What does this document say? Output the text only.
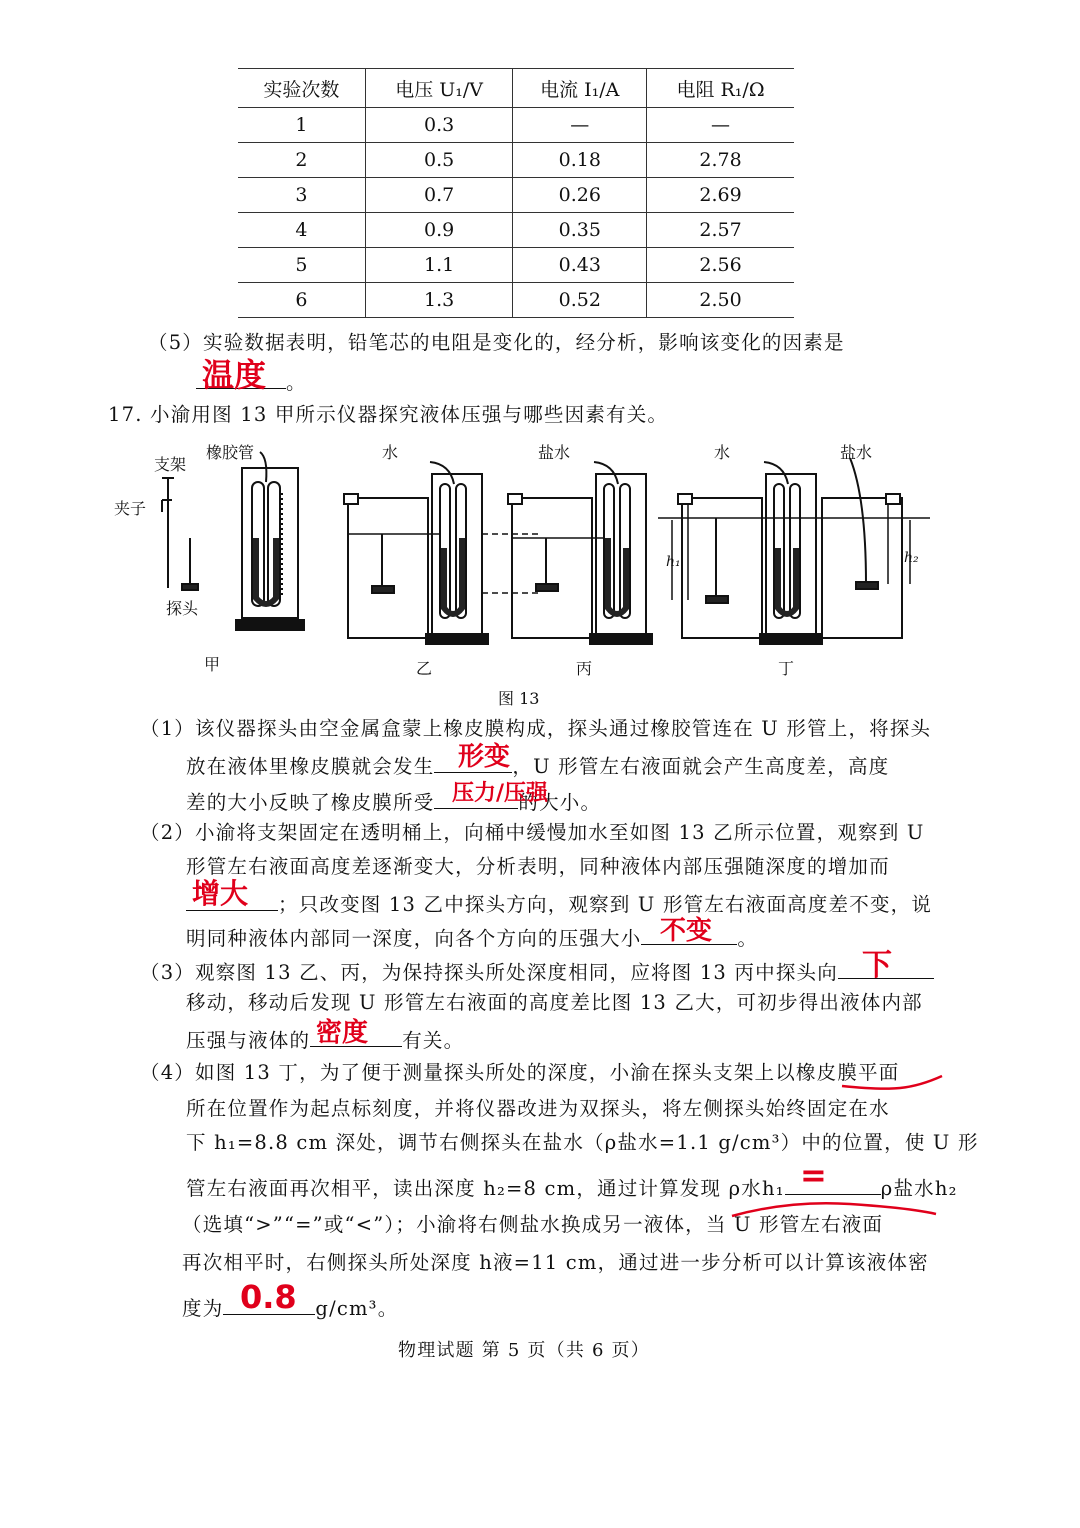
实验次数	电压 U₁/V	电流 I₁/A	电阻 R₁/Ω
1	0.3	—	—
2	0.5	0.18	2.78
3	0.7	0.26	2.69
4	0.9	0.35	2.57
5	1.1	0.43	2.56
6	1.3	0.52	2.50
（5）实验数据表明，铅笔芯的电阻是变化的，经分析，影响该变化的因素是
。
温度
17. 小渝用图 13 甲所示仪器探究液体压强与哪些因素有关。
支架
橡胶管
夹子
探头
水	盐水	水	盐水
h₁	h₂
甲	乙	丙	丁
图 13
（1）该仪器探头由空金属盒蒙上橡皮膜构成，探头通过橡胶管连在 U 形管上，将探头
放在液体里橡皮膜就会发生	，U 形管左右液面就会产生高度差，高度
形变
差的大小反映了橡皮膜所受	的大小。
压力/压强
（2）小渝将支架固定在透明桶上，向桶中缓慢加水至如图 13 乙所示位置，观察到 U
形管左右液面高度差逐渐变大，分析表明，同种液体内部压强随深度的增加而
；只改变图 13 乙中探头方向，观察到 U 形管左右液面高度差不变，说
增大
明同种液体内部同一深度，向各个方向的压强大小	。
不变
（3）观察图 13 乙、丙，为保持探头所处深度相同，应将图 13 丙中探头向 下
移动，移动后发现 U 形管左右液面的高度差比图 13 乙大，可初步得出液体内部
压强与液体的	有关。
密度
（4）如图 13 丁，为了便于测量探头所处的深度，小渝在探头支架上以橡皮膜平面
所在位置作为起点标刻度，并将仪器改进为双探头，将左侧探头始终固定在水
下 h₁=8.8 cm 深处，调节右侧探头在盐水（ρ盐水=1.1 g/cm³）中的位置，使 U 形
管左右液面再次相平，读出深度 h₂=8 cm，通过计算发现 ρ水h₁	ρ盐水h₂
=
（选填“>”“=”或“<”）；小渝将右侧盐水换成另一液体，当 U 形管左右液面
再次相平时，右侧探头所处深度 h液=11 cm，通过进一步分析可以计算该液体密
度为	g/cm³。
0.8
物理试题 第 5 页（共 6 页）
